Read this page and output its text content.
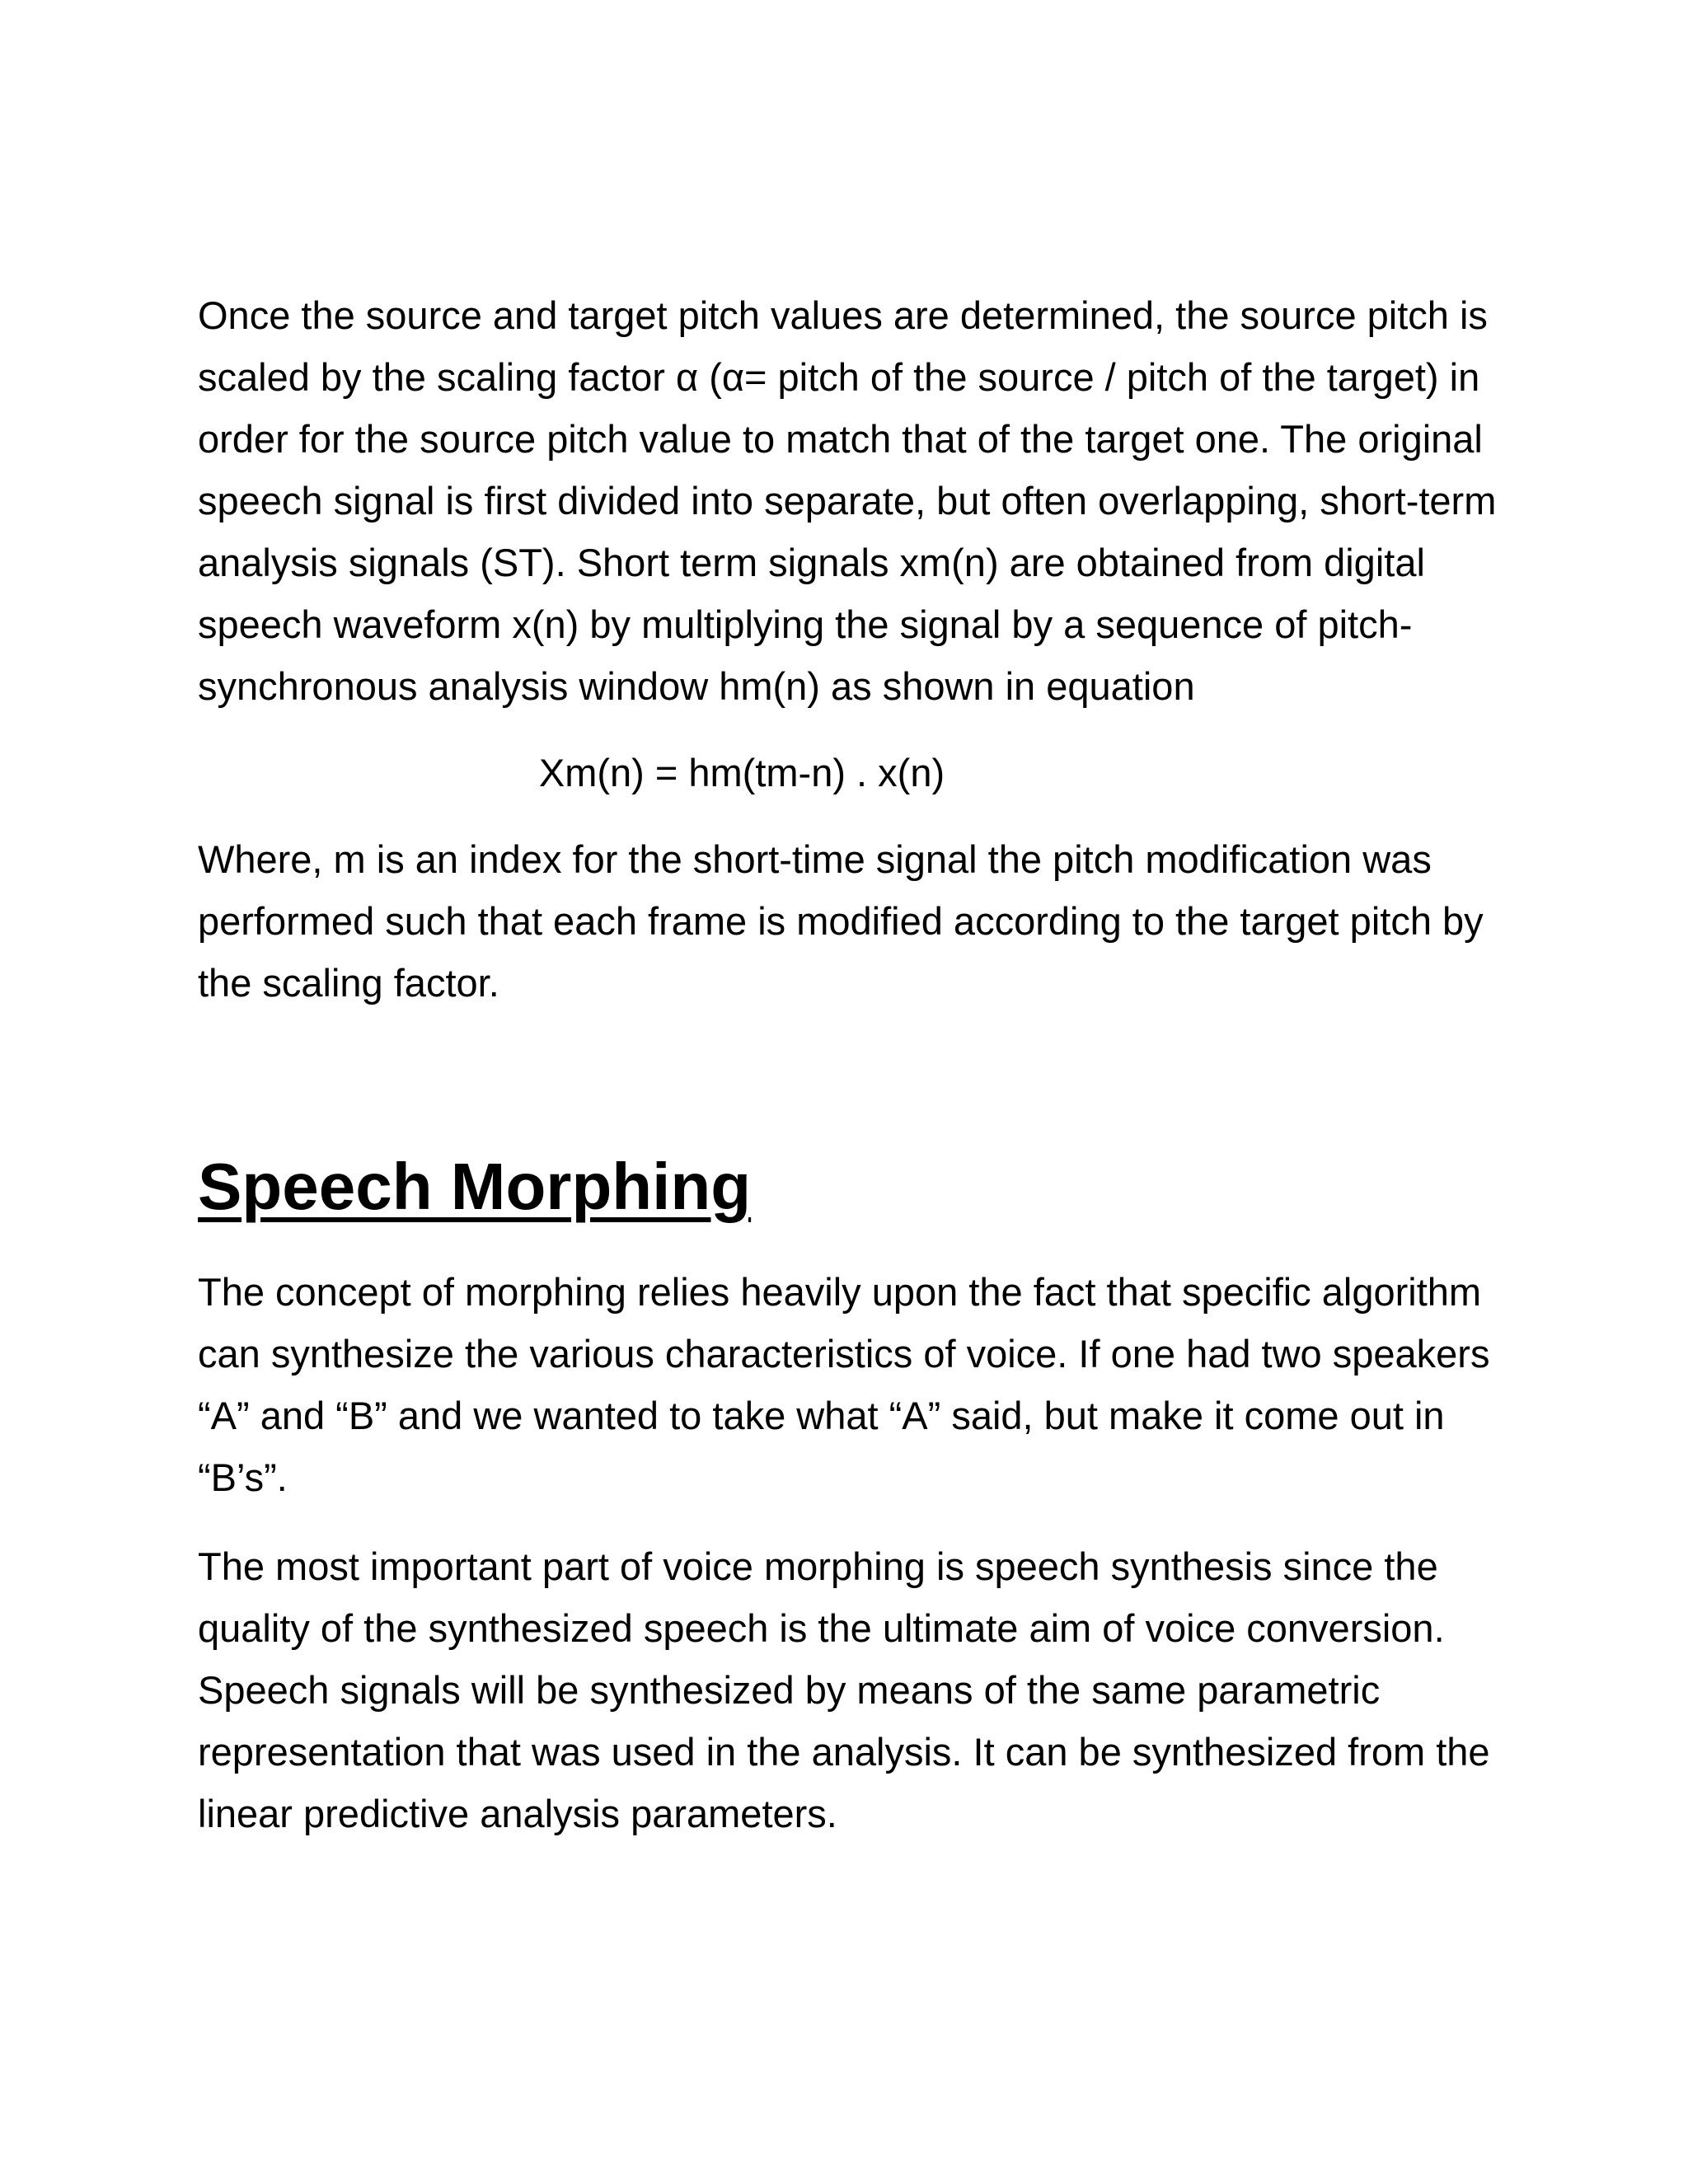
Once the source and target pitch values are determined, the source pitch is scaled by the scaling factor α (α= pitch of the source / pitch of the target) in order for the source pitch value to match that of the target one. The original speech signal is first divided into separate, but often overlapping, short-term analysis signals (ST). Short term signals xm(n) are obtained from digital speech waveform x(n) by multiplying the signal by a sequence of pitch-synchronous analysis window hm(n) as shown in equation

Xm(n) = hm(tm-n) . x(n)

Where, m is an index for the short-time signal the pitch modification was performed such that each frame is modified according to the target pitch by the scaling factor.

Speech Morphing

The concept of morphing relies heavily upon the fact that specific algorithm can synthesize the various characteristics of voice. If one had two speakers “A” and “B” and we wanted to take what “A” said, but make it come out in “B’s”.

The most important part of voice morphing is speech synthesis since the quality of the synthesized speech is the ultimate aim of voice conversion. Speech signals will be synthesized by means of the same parametric representation that was used in the analysis. It can be synthesized from the linear predictive analysis parameters.
